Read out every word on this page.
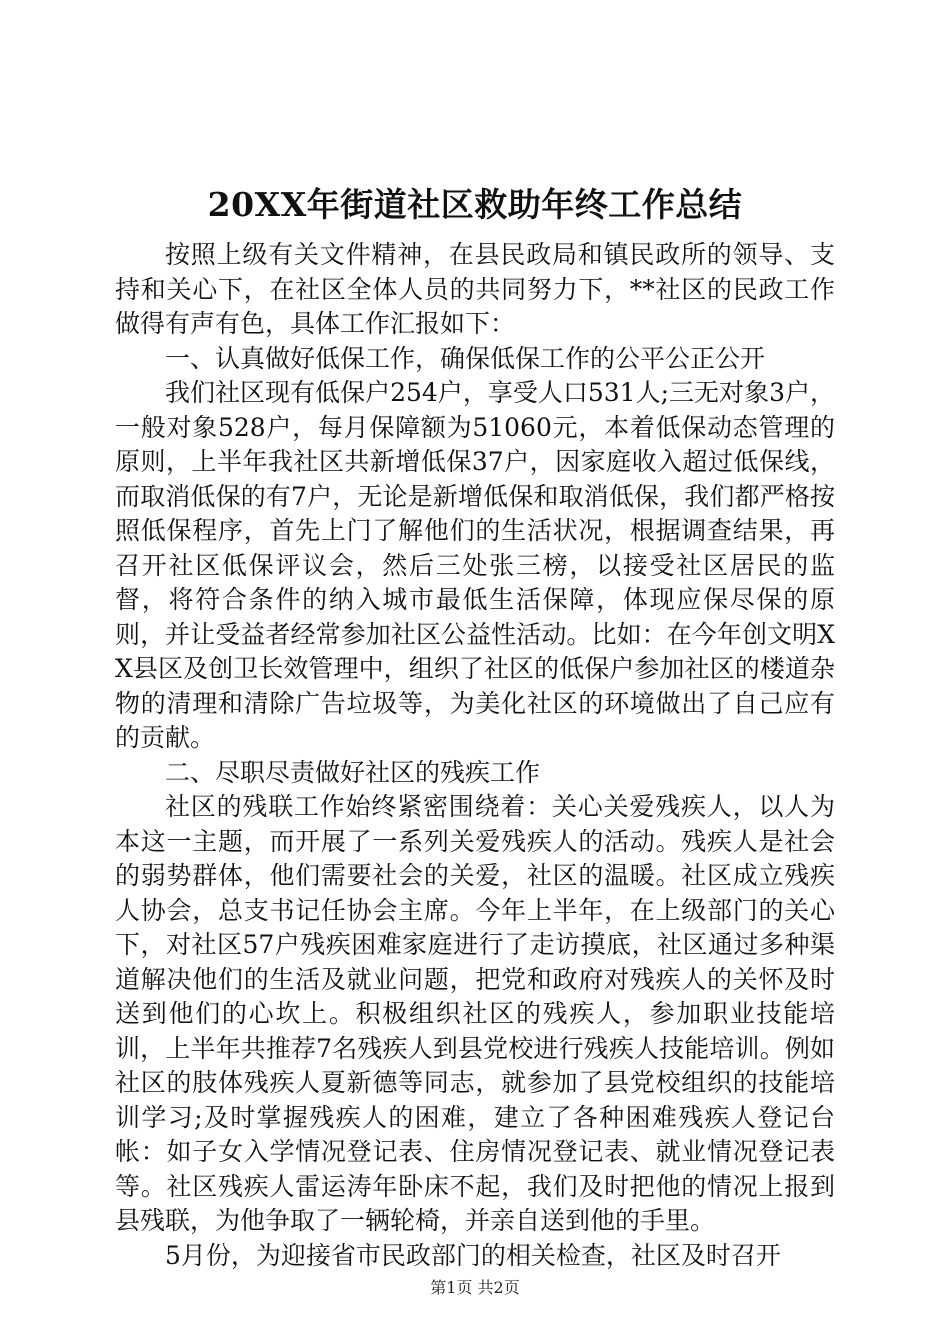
20XX年街道社区救助年终工作总结

按照上级有关文件精神，在县民政局和镇民政所的领导、支持和关心下，在社区全体人员的共同努力下，**社区的民政工作做得有声有色，具体工作汇报如下：

一、认真做好低保工作，确保低保工作的公平公正公开

我们社区现有低保户254户，享受人口531人;三无对象3户，一般对象528户，每月保障额为51060元，本着低保动态管理的原则，上半年我社区共新增低保37户，因家庭收入超过低保线，而取消低保的有7户，无论是新增低保和取消低保，我们都严格按照低保程序，首先上门了解他们的生活状况，根据调查结果，再召开社区低保评议会，然后三处张三榜，以接受社区居民的监督，将符合条件的纳入城市最低生活保障，体现应保尽保的原则，并让受益者经常参加社区公益性活动。比如：在今年创文明XX县区及创卫长效管理中，组织了社区的低保户参加社区的楼道杂物的清理和清除广告垃圾等，为美化社区的环境做出了自己应有的贡献。

二、尽职尽责做好社区的残疾工作

社区的残联工作始终紧密围绕着：关心关爱残疾人，以人为本这一主题，而开展了一系列关爱残疾人的活动。残疾人是社会的弱势群体，他们需要社会的关爱，社区的温暖。社区成立残疾人协会，总支书记任协会主席。今年上半年，在上级部门的关心下，对社区57户残疾困难家庭进行了走访摸底，社区通过多种渠道解决他们的生活及就业问题，把党和政府对残疾人的关怀及时送到他们的心坎上。积极组织社区的残疾人，参加职业技能培训，上半年共推荐7名残疾人到县党校进行残疾人技能培训。例如社区的肢体残疾人夏新德等同志，就参加了县党校组织的技能培训学习;及时掌握残疾人的困难，建立了各种困难残疾人登记台帐：如子女入学情况登记表、住房情况登记表、就业情况登记表等。社区残疾人雷运涛年卧床不起，我们及时把他的情况上报到县残联，为他争取了一辆轮椅，并亲自送到他的手里。

5月份，为迎接省市民政部门的相关检查，社区及时召开

第1页 共2页
